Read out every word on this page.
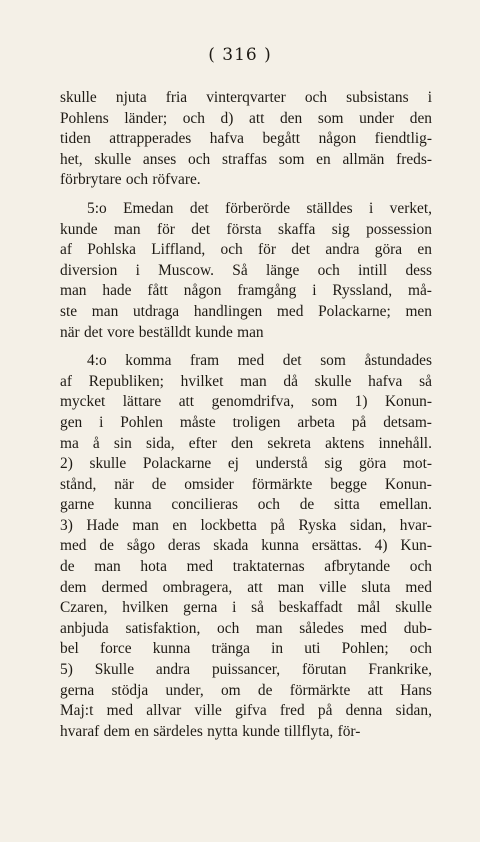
( 316 )
skulle njuta fria vinterqvarter och subsistans i
Pohlens länder; och d) att den som under den
tiden attrapperades hafva begått någon fiendtlig-
het, skulle anses och straffas som en allmän freds-
förbrytare och röfvare.
5:o Emedan det förberörde ställdes i verket,
kunde man för det första skaffa sig possession
af Pohlska Liffland, och för det andra göra en
diversion i Muscow. Så länge och intill dess
man hade fått någon framgång i Ryssland, må-
ste man utdraga handlingen med Polackarne; men
när det vore beställdt kunde man
4:o komma fram med det som åstundades
af Republiken; hvilket man då skulle hafva så
mycket lättare att genomdrifva, som 1) Konun-
gen i Pohlen måste troligen arbeta på detsam-
ma å sin sida, efter den sekreta aktens innehåll.
2) skulle Polackarne ej understå sig göra mot-
stånd, när de omsider förmärkte begge Konun-
garne kunna concilieras och de sitta emellan.
3) Hade man en lockbetta på Ryska sidan, hvar-
med de sågo deras skada kunna ersättas. 4) Kun-
de man hota med traktaternas afbrytande och
dem dermed ombragera, att man ville sluta med
Czaren, hvilken gerna i så beskaffadt mål skulle
anbjuda satisfaktion, och man således med dub-
bel force kunna tränga in uti Pohlen; och
5) Skulle andra puissancer, förutan Frankrike,
gerna stödja under, om de förmärkte att Hans
Maj:t med allvar ville gifva fred på denna sidan,
hvaraf dem en särdeles nytta kunde tillflyta, för-
